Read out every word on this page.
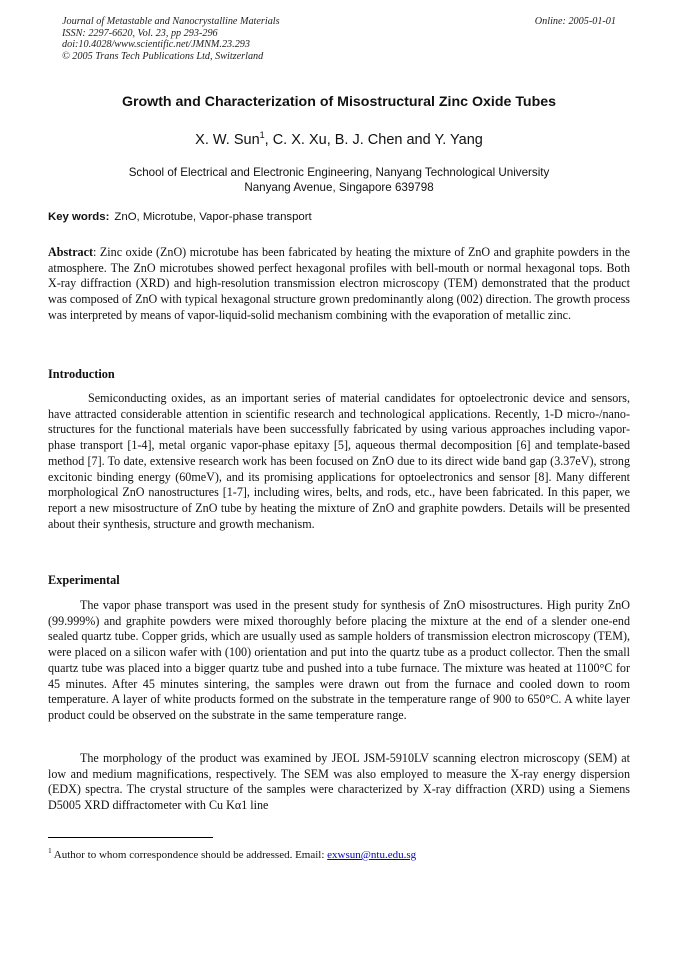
Journal of Metastable and Nanocrystalline Materials
ISSN: 2297-6620, Vol. 23, pp 293-296
doi:10.4028/www.scientific.net/JMNM.23.293
© 2005 Trans Tech Publications Ltd, Switzerland
Online: 2005-01-01
Growth and Characterization of Misostructural Zinc Oxide Tubes
X. W. Sun$^1$, C. X. Xu, B. J. Chen and Y. Yang
School of Electrical and Electronic Engineering, Nanyang Technological University
Nanyang Avenue, Singapore 639798
Key words: ZnO, Microtube, Vapor-phase transport
Abstract: Zinc oxide (ZnO) microtube has been fabricated by heating the mixture of ZnO and graphite powders in the atmosphere. The ZnO microtubes showed perfect hexagonal profiles with bell-mouth or normal hexagonal tops. Both X-ray diffraction (XRD) and high-resolution transmission electron microscopy (TEM) demonstrated that the product was composed of ZnO with typical hexagonal structure grown predominantly along (002) direction. The growth process was interpreted by means of vapor-liquid-solid mechanism combining with the evaporation of metallic zinc.
Introduction
Semiconducting oxides, as an important series of material candidates for optoelectronic device and sensors, have attracted considerable attention in scientific research and technological applications. Recently, 1-D micro-/nano-structures for the functional materials have been successfully fabricated by using various approaches including vapor-phase transport [1-4], metal organic vapor-phase epitaxy [5], aqueous thermal decomposition [6] and template-based method [7]. To date, extensive research work has been focused on ZnO due to its direct wide band gap (3.37eV), strong excitonic binding energy (60meV), and its promising applications for optoelectronics and sensor [8]. Many different morphological ZnO nanostructures [1-7], including wires, belts, and rods, etc., have been fabricated. In this paper, we report a new misostructure of ZnO tube by heating the mixture of ZnO and graphite powders. Details will be presented about their synthesis, structure and growth mechanism.
Experimental
The vapor phase transport was used in the present study for synthesis of ZnO misostructures. High purity ZnO (99.999%) and graphite powders were mixed thoroughly before placing the mixture at the end of a slender one-end sealed quartz tube. Copper grids, which are usually used as sample holders of transmission electron microscopy (TEM), were placed on a silicon wafer with (100) orientation and put into the quartz tube as a product collector. Then the small quartz tube was placed into a bigger quartz tube and pushed into a tube furnace. The mixture was heated at 1100°C for 45 minutes. After 45 minutes sintering, the samples were drawn out from the furnace and cooled down to room temperature. A layer of white products formed on the substrate in the temperature range of 900 to 650°C. A white layer product could be observed on the substrate in the same temperature range.
The morphology of the product was examined by JEOL JSM-5910LV scanning electron microscopy (SEM) at low and medium magnifications, respectively. The SEM was also employed to measure the X-ray energy dispersion (EDX) spectra. The crystal structure of the samples were characterized by X-ray diffraction (XRD) using a Siemens D5005 XRD diffractometer with Cu Kα1 line
$^1$ Author to whom correspondence should be addressed. Email: exwsun@ntu.edu.sg
